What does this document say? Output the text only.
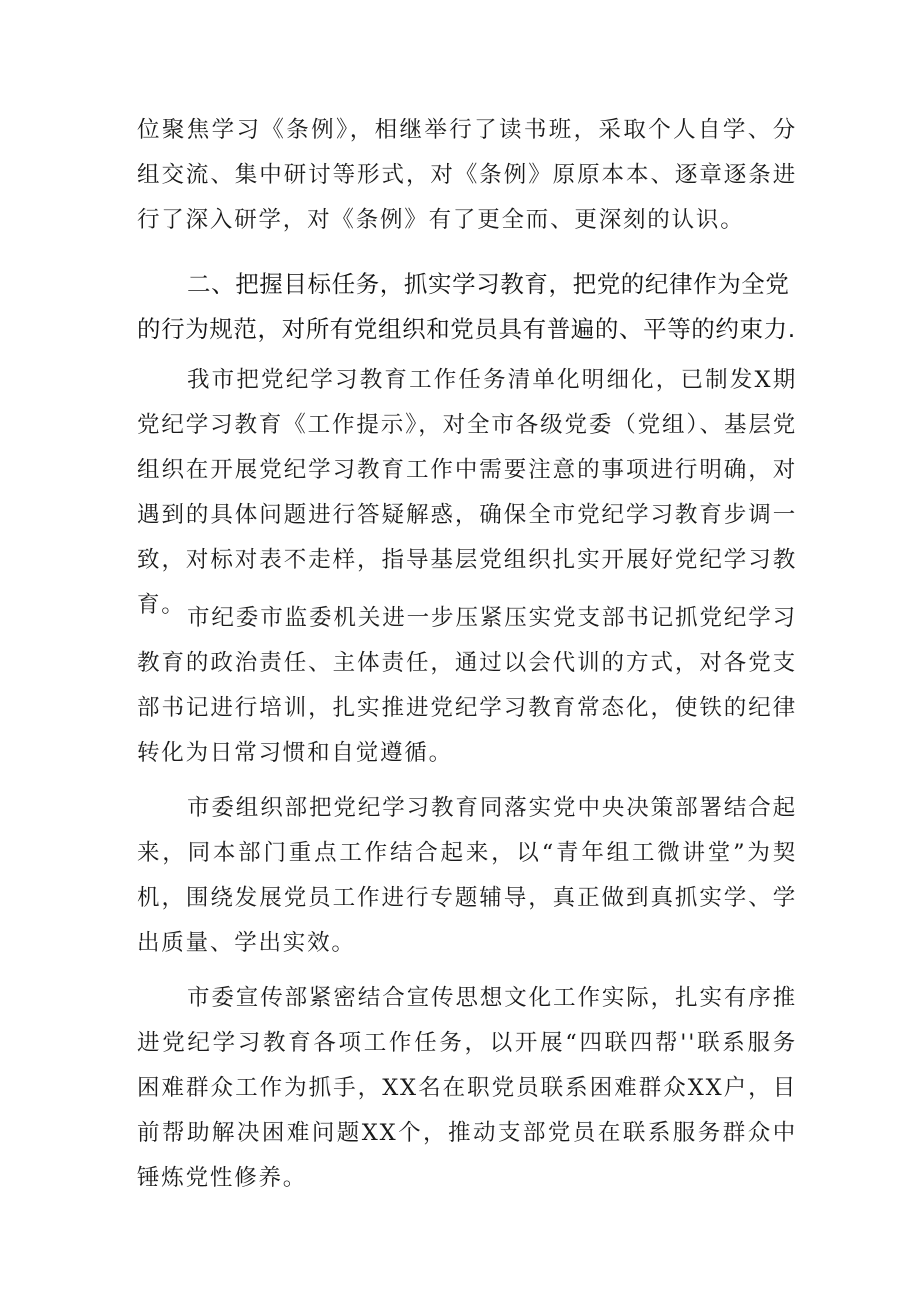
位聚焦学习《条例》，相继举行了读书班，采取个人自学、分组交流、集中研讨等形式，对《条例》原原本本、逐章逐条进行了深入研学，对《条例》有了更全而、更深刻的认识。

二、把握目标任务，抓实学习教育，把党的纪律作为全党的行为规范，对所有党组织和党员具有普遍的、平等的约束力.

我市把党纪学习教育工作任务清单化明细化，已制发X期党纪学习教育《工作提示》，对全市各级党委（党组）、基层党组织在开展党纪学习教育工作中需要注意的事项进行明确，对遇到的具体问题进行答疑解惑，确保全市党纪学习教育步调一致，对标对表不走样，指导基层党组织扎实开展好党纪学习教育。 市纪委市监委机关进一步压紧压实党支部书记抓党纪学习教育的政治责任、主体责任，通过以会代训的方式，对各党支部书记进行培训，扎实推进党纪学习教育常态化，使铁的纪律转化为日常习惯和自觉遵循。

市委组织部把党纪学习教育同落实党中央决策部署结合起来，同本部门重点工作结合起来，以“青年组工微讲堂”为契机，围绕发展党员工作进行专题辅导，真正做到真抓实学、学出质量、学出实效。

市委宣传部紧密结合宣传思想文化工作实际，扎实有序推进党纪学习教育各项工作任务，以开展“四联四帮''联系服务困难群众工作为抓手，XX名在职党员联系困难群众XX户，目前帮助解决困难问题XX个，推动支部党员在联系服务群众中锤炼党性修养。
